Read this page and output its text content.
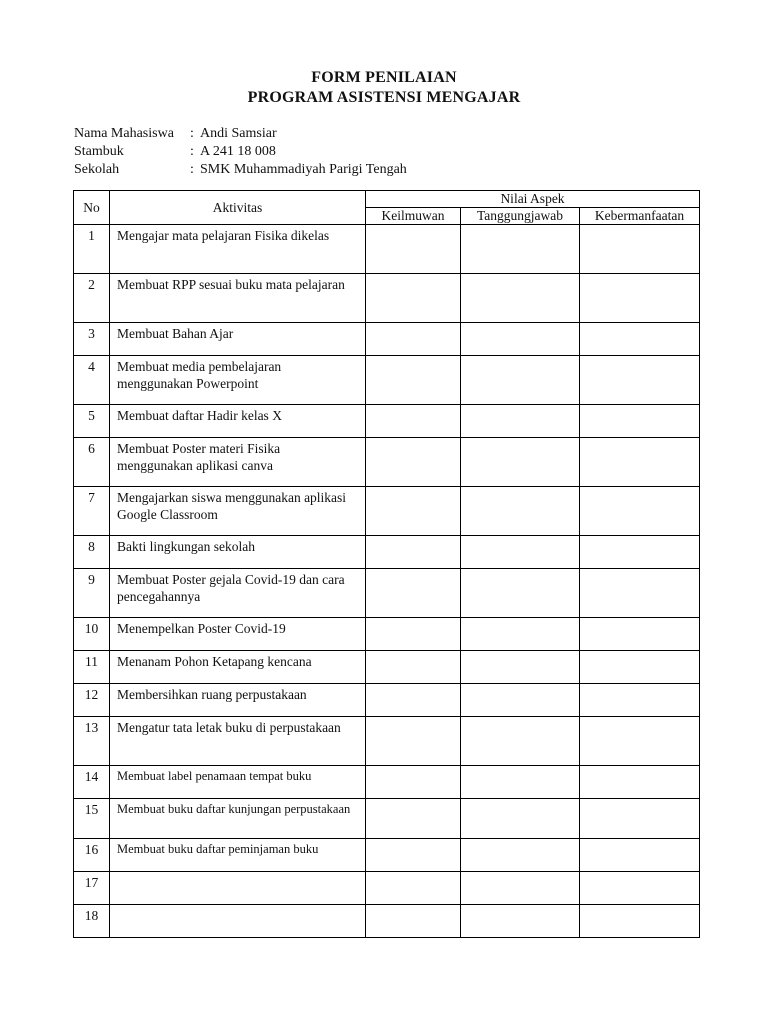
FORM PENILAIAN
PROGRAM ASISTENSI MENGAJAR
Nama Mahasiswa	: Andi Samsiar
Stambuk	: A 241 18 008
Sekolah	: SMK Muhammadiyah Parigi Tengah
No	Aktivitas	Nilai Aspek		
		Keilmuwan	Tanggungjawab	Kebermanfaatan
1	Mengajar mata pelajaran Fisika dikelas			
2	Membuat RPP sesuai buku mata pelajaran			
3	Membuat Bahan Ajar			
4	Membuat media pembelajaran menggunakan Powerpoint			
5	Membuat daftar Hadir kelas X			
6	Membuat Poster materi Fisika menggunakan aplikasi canva			
7	Mengajarkan siswa menggunakan aplikasi Google Classroom			
8	Bakti lingkungan sekolah			
9	Membuat Poster gejala Covid-19 dan cara pencegahannya			
10	Menempelkan Poster Covid-19			
11	Menanam Pohon Ketapang kencana			
12	Membersihkan ruang perpustakaan			
13	Mengatur tata letak buku di perpustakaan			
14	Membuat label penamaan tempat buku			
15	Membuat buku daftar kunjungan perpustakaan			
16	Membuat buku daftar peminjaman buku			
17				
18				
